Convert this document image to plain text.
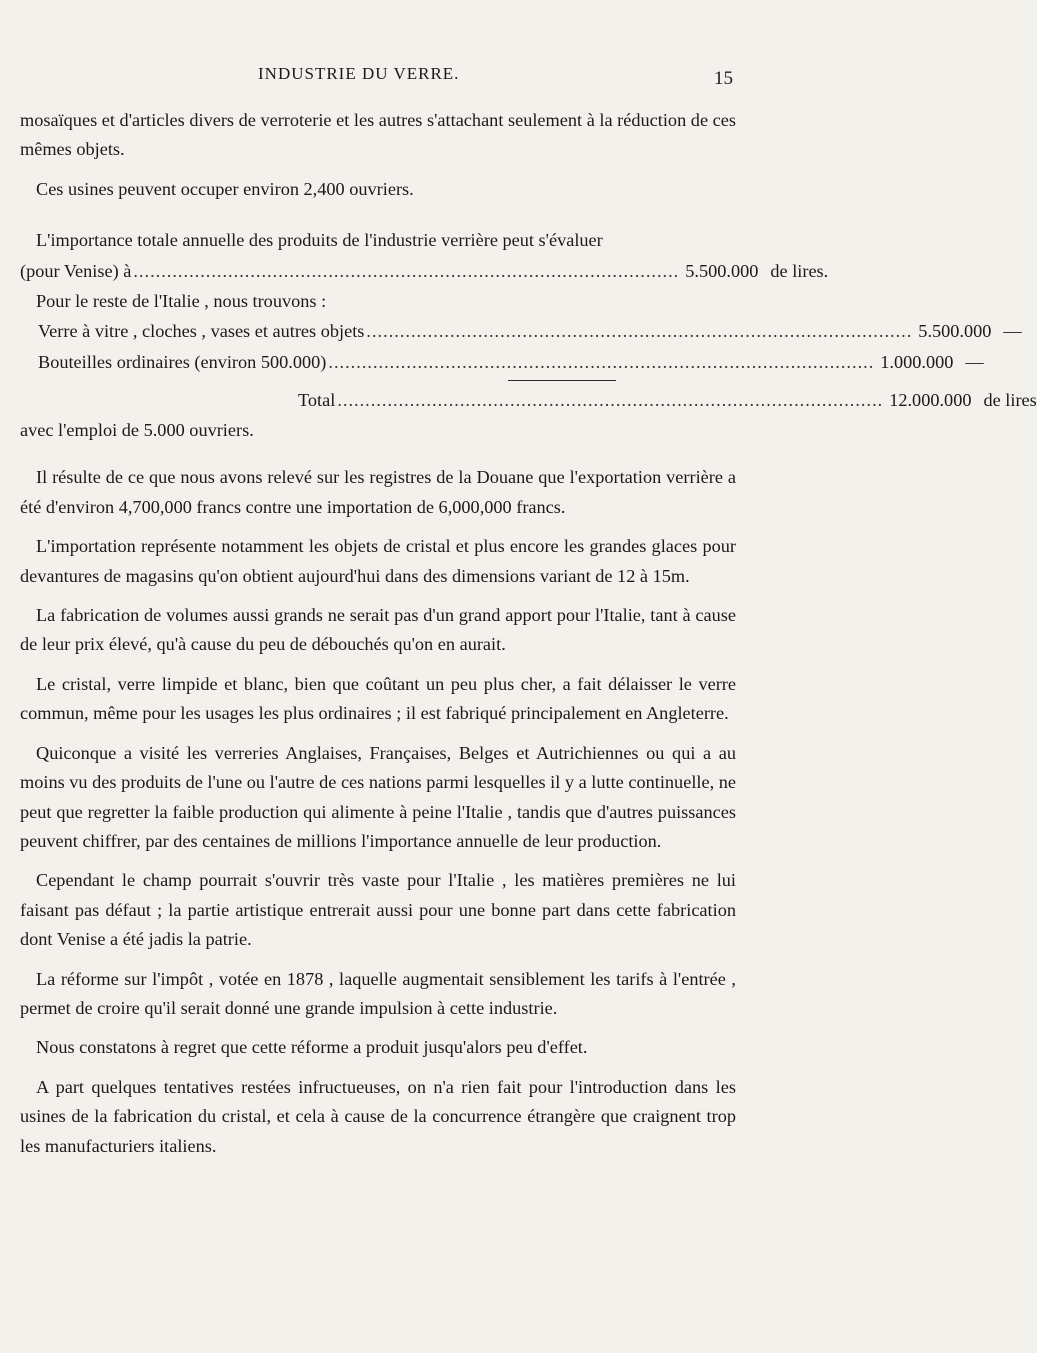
INDUSTRIE DU VERRE.	15

mosaïques et d'articles divers de verroterie et les autres s'attachant seulement à la réduction de ces mêmes objets.

Ces usines peuvent occuper environ 2,400 ouvriers.

L'importance totale annuelle des produits de l'industrie verrière peut s'évaluer

(pour Venise) à .................................................................................................. 5.500.000 de lires.

Pour le reste de l'Italie , nous trouvons :

Verre à vitre , cloches , vases et autres objets .................................................................................................. 5.500.000 —
Bouteilles ordinaires (environ 500.000) .................................................................................................. 1.000.000 —
Total .................................................................................................. 12.000.000 de lires

avec l'emploi de 5.000 ouvriers.

Il résulte de ce que nous avons relevé sur les registres de la Douane que l'exportation verrière a été d'environ 4,700,000 francs contre une importation de 6,000,000 francs.

L'importation représente notamment les objets de cristal et plus encore les grandes glaces pour devantures de magasins qu'on obtient aujourd'hui dans des dimensions variant de 12 à 15m.

La fabrication de volumes aussi grands ne serait pas d'un grand apport pour l'Italie, tant à cause de leur prix élevé, qu'à cause du peu de débouchés qu'on en aurait.

Le cristal, verre limpide et blanc, bien que coûtant un peu plus cher, a fait délaisser le verre commun, même pour les usages les plus ordinaires ; il est fabriqué principalement en Angleterre.

Quiconque a visité les verreries Anglaises, Françaises, Belges et Autrichiennes ou qui a au moins vu des produits de l'une ou l'autre de ces nations parmi lesquelles il y a lutte continuelle, ne peut que regretter la faible production qui alimente à peine l'Italie , tandis que d'autres puissances peuvent chiffrer, par des centaines de millions l'importance annuelle de leur production.

Cependant le champ pourrait s'ouvrir très vaste pour l'Italie , les matières premières ne lui faisant pas défaut ; la partie artistique entrerait aussi pour une bonne part dans cette fabrication dont Venise a été jadis la patrie.

La réforme sur l'impôt , votée en 1878 , laquelle augmentait sensiblement les tarifs à l'entrée , permet de croire qu'il serait donné une grande impulsion à cette industrie.

Nous constatons à regret que cette réforme a produit jusqu'alors peu d'effet.

A part quelques tentatives restées infructueuses, on n'a rien fait pour l'introduction dans les usines de la fabrication du cristal, et cela à cause de la concurrence étrangère que craignent trop les manufacturiers italiens.
